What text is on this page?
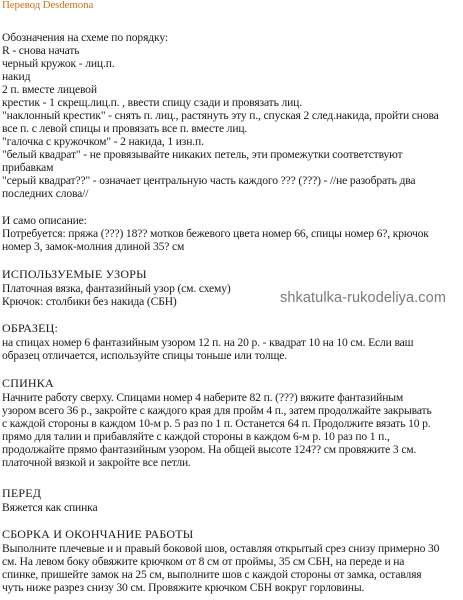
Перевод Desdemona
Обозначения на схеме по порядку:
R - снова начать
черный кружок - лиц.п.
накид
2 п. вместе лицевой
крестик - 1 скрещ.лиц.п. , ввести спицу сзади и провязать лиц.
"наклонный крестик" - снять п. лиц., растянуть эту п., спуская 2 след.накида, пройти снова
все п. с левой спицы и провязать все п. вместе лиц.
"галочка с кружочком" - 2 накида, 1 изн.п.
"белый квадрат" - не провязывайте никаких петель, эти промежутки соответствуют
прибавкам
"серый квадрат??" - означает центральную часть каждого ??? (???) - //не разобрать два
последних слова//
И само описание:
Потребуется: пряжа (???) 18?? мотков бежевого цвета номер 66, спицы номер 6?, крючок
номер 3, замок-молния длиной 35? см
ИСПОЛЬЗУЕМЫЕ УЗОРЫ
Платочная вязка, фантазийный узор (см. схему)
Крючок: столбики без накида (СБН)	shkatulka-rukodeliya.com
ОБРАЗЕЦ:
на спицах номер 6 фантазийным узором 12 п. на 20 р. - квадрат 10 на 10 см. Если ваш
образец отличается, используйте спицы тоньше или толще.
СПИНКА
Начните работу сверху. Спицами номер 4 наберите 82 п. (???) вяжите фантазийным
узором всего 36 р., закройте с каждого края для пройм 4 п., затем продолжайте закрывать
с каждой стороны в каждом 10-м р. 5 раз по 1 п. Останется 64 п. Продолжите вязать 10 р.
прямо для талии и прибавляйте с каждой стороны в каждом 6-м р. 10 раз по 1 п.,
продолжайте прямо фантазийным узором. На общей высоте 124?? см провяжите 3 см.
платочной вязкой и закройте все петли.
ПЕРЕД
Вяжется как спинка
СБОРКА И ОКОНЧАНИЕ РАБОТЫ
Выполните плечевые и и правый боковой шов, оставляя открытый срез снизу примерно 30
см. На левом боку обвяжите крючком от 8 см от проймы, 35 см СБН, на переде и на
спинке, пришейте замок на 25 см, выполните шов с каждой стороны от замка, оставляя
чуть ниже разрез снизу 30 см. Провяжите крючком СБН вокруг горловины.
